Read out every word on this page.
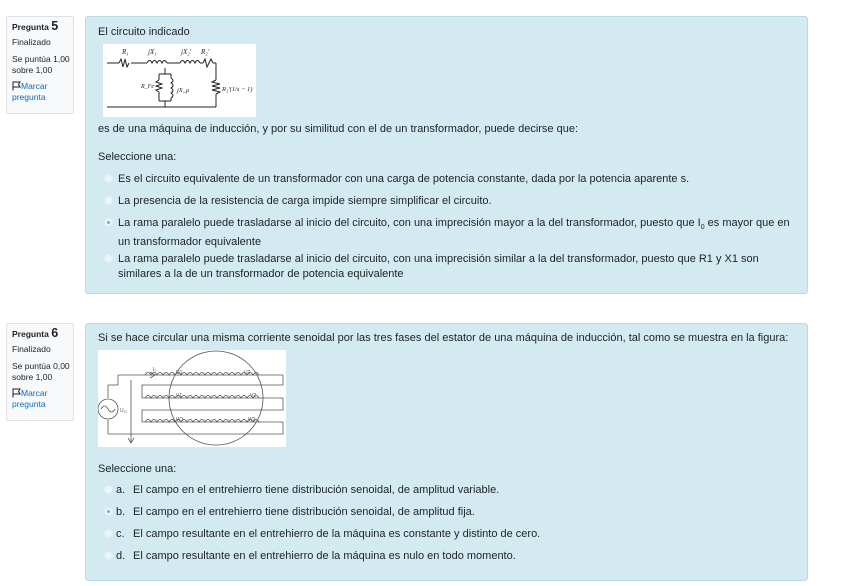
Pregunta 5
Finalizado
Se puntúa 1,00 sobre 1,00
Marcar pregunta
El circuito indicado
R₁	jX₁	jX₂' R₂'
R_Fe	jX_μ	R₂'(1/s − 1)
es de una máquina de inducción, y por su similitud con el de un transformador, puede decirse que:
Seleccione una:
Es el circuito equivalente de un transformador con una carga de potencia constante, dada por la potencia aparente s.
La presencia de la resistencia de carga impide siempre simplificar el circuito.
La rama paralelo puede trasladarse al inicio del circuito, con una imprecisión mayor a la del transformador, puesto que $I_0$ es mayor que en un transformador equivalente
La rama paralelo puede trasladarse al inicio del circuito, con una imprecisión similar a la del transformador, puesto que R1 y X1 son similares a la de un transformador de potencia equivalente
Pregunta 6
Finalizado
Se puntúa 0,00 sobre 1,00
Marcar pregunta
Si se hace circular una misma corriente senoidal por las tres fases del estator de una máquina de inducción, tal como se muestra en la figura:
I₀	U1	U2
V1	V2
W1	W2
U₁₂
Seleccione una:
a. El campo en el entrehierro tiene distribución senoidal, de amplitud variable.
b. El campo en el entrehierro tiene distribución senoidal, de amplitud fija.
c. El campo resultante en el entrehierro de la máquina es constante y distinto de cero.
d. El campo resultante en el entrehierro de la máquina es nulo en todo momento.
